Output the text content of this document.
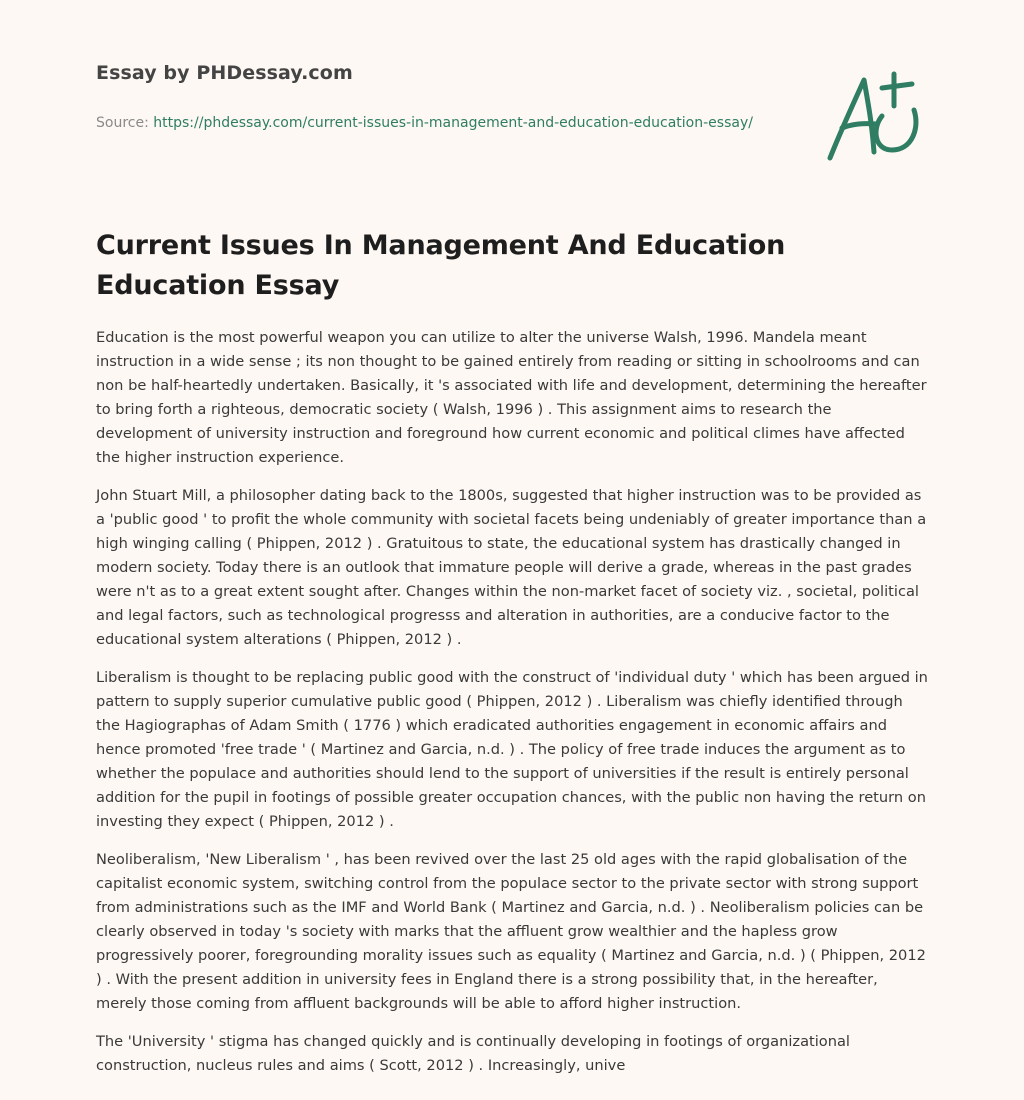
Essay by PHDessay.com
Source: https://phdessay.com/current-issues-in-management-and-education-education-essay/
Current Issues In Management And Education Education Essay

Education is the most powerful weapon you can utilize to alter the universe Walsh, 1996. Mandela meant instruction in a wide sense ; its non thought to be gained entirely from reading or sitting in schoolrooms and can non be half-heartedly undertaken. Basically, it 's associated with life and development, determining the hereafter to bring forth a righteous, democratic society ( Walsh, 1996 ) . This assignment aims to research the development of university instruction and foreground how current economic and political climes have affected the higher instruction experience.

John Stuart Mill, a philosopher dating back to the 1800s, suggested that higher instruction was to be provided as a 'public good ' to profit the whole community with societal facets being undeniably of greater importance than a high winging calling ( Phippen, 2012 ) . Gratuitous to state, the educational system has drastically changed in modern society. Today there is an outlook that immature people will derive a grade, whereas in the past grades were n't as to a great extent sought after. Changes within the non-market facet of society viz. , societal, political and legal factors, such as technological progresss and alteration in authorities, are a conducive factor to the educational system alterations ( Phippen, 2012 ) .

Liberalism is thought to be replacing public good with the construct of 'individual duty ' which has been argued in pattern to supply superior cumulative public good ( Phippen, 2012 ) . Liberalism was chiefly identified through the Hagiographas of Adam Smith ( 1776 ) which eradicated authorities engagement in economic affairs and hence promoted 'free trade ' ( Martinez and Garcia, n.d. ) . The policy of free trade induces the argument as to whether the populace and authorities should lend to the support of universities if the result is entirely personal addition for the pupil in footings of possible greater occupation chances, with the public non having the return on investing they expect ( Phippen, 2012 ) .

Neoliberalism, 'New Liberalism ' , has been revived over the last 25 old ages with the rapid globalisation of the capitalist economic system, switching control from the populace sector to the private sector with strong support from administrations such as the IMF and World Bank ( Martinez and Garcia, n.d. ) . Neoliberalism policies can be clearly observed in today 's society with marks that the affluent grow wealthier and the hapless grow progressively poorer, foregrounding morality issues such as equality ( Martinez and Garcia, n.d. ) ( Phippen, 2012 ) . With the present addition in university fees in England there is a strong possibility that, in the hereafter, merely those coming from affluent backgrounds will be able to afford higher instruction.

The 'University ' stigma has changed quickly and is continually developing in footings of organizational construction, nucleus rules and aims ( Scott, 2012 ) . Increasingly, unive
